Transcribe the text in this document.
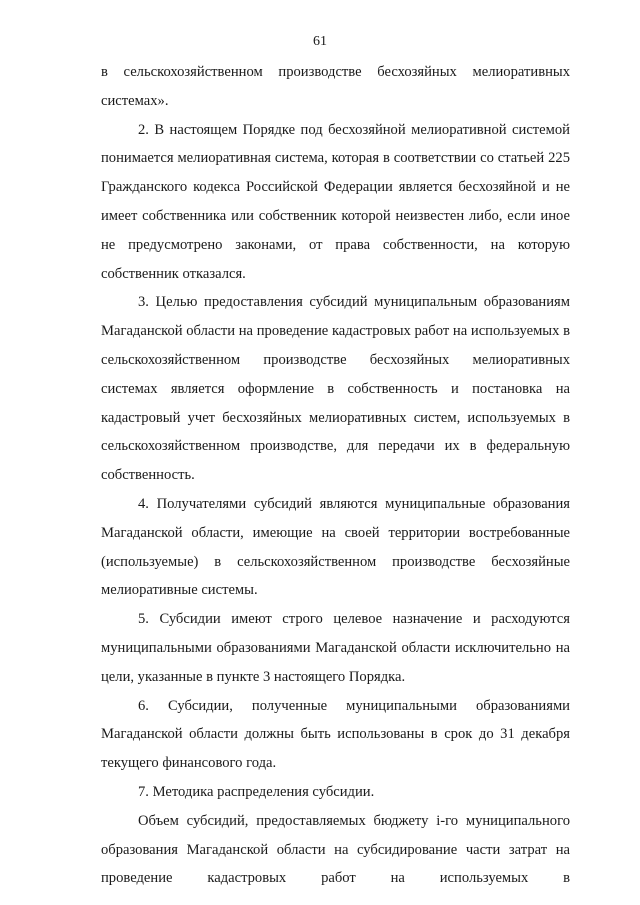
61

в сельскохозяйственном производстве бесхозяйных мелиоративных системах».

2. В настоящем Порядке под бесхозяйной мелиоративной системой понимается мелиоративная система, которая в соответствии со статьей 225 Гражданского кодекса Российской Федерации является бесхозяйной и не имеет собственника или собственник которой неизвестен либо, если иное не предусмотрено законами, от права собственности, на которую собственник отказался.

3. Целью предоставления субсидий муниципальным образованиям Магаданской области на проведение кадастровых работ на используемых в сельскохозяйственном производстве бесхозяйных мелиоративных системах является оформление в собственность и постановка на кадастровый учет бесхозяйных мелиоративных систем, используемых в сельскохозяйственном производстве, для передачи их в федеральную собственность.

4. Получателями субсидий являются муниципальные образования Магаданской области, имеющие на своей территории востребованные (используемые) в сельскохозяйственном производстве бесхозяйные мелиоративные системы.

5. Субсидии имеют строго целевое назначение и расходуются муниципальными образованиями Магаданской области исключительно на цели, указанные в пункте 3 настоящего Порядка.

6. Субсидии, полученные муниципальными образованиями Магаданской области должны быть использованы в срок до 31 декабря текущего финансового года.

7. Методика распределения субсидии.

Объем субсидий, предоставляемых бюджету i-го муниципального образования Магаданской области на субсидирование части затрат на проведение кадастровых работ на используемых в
